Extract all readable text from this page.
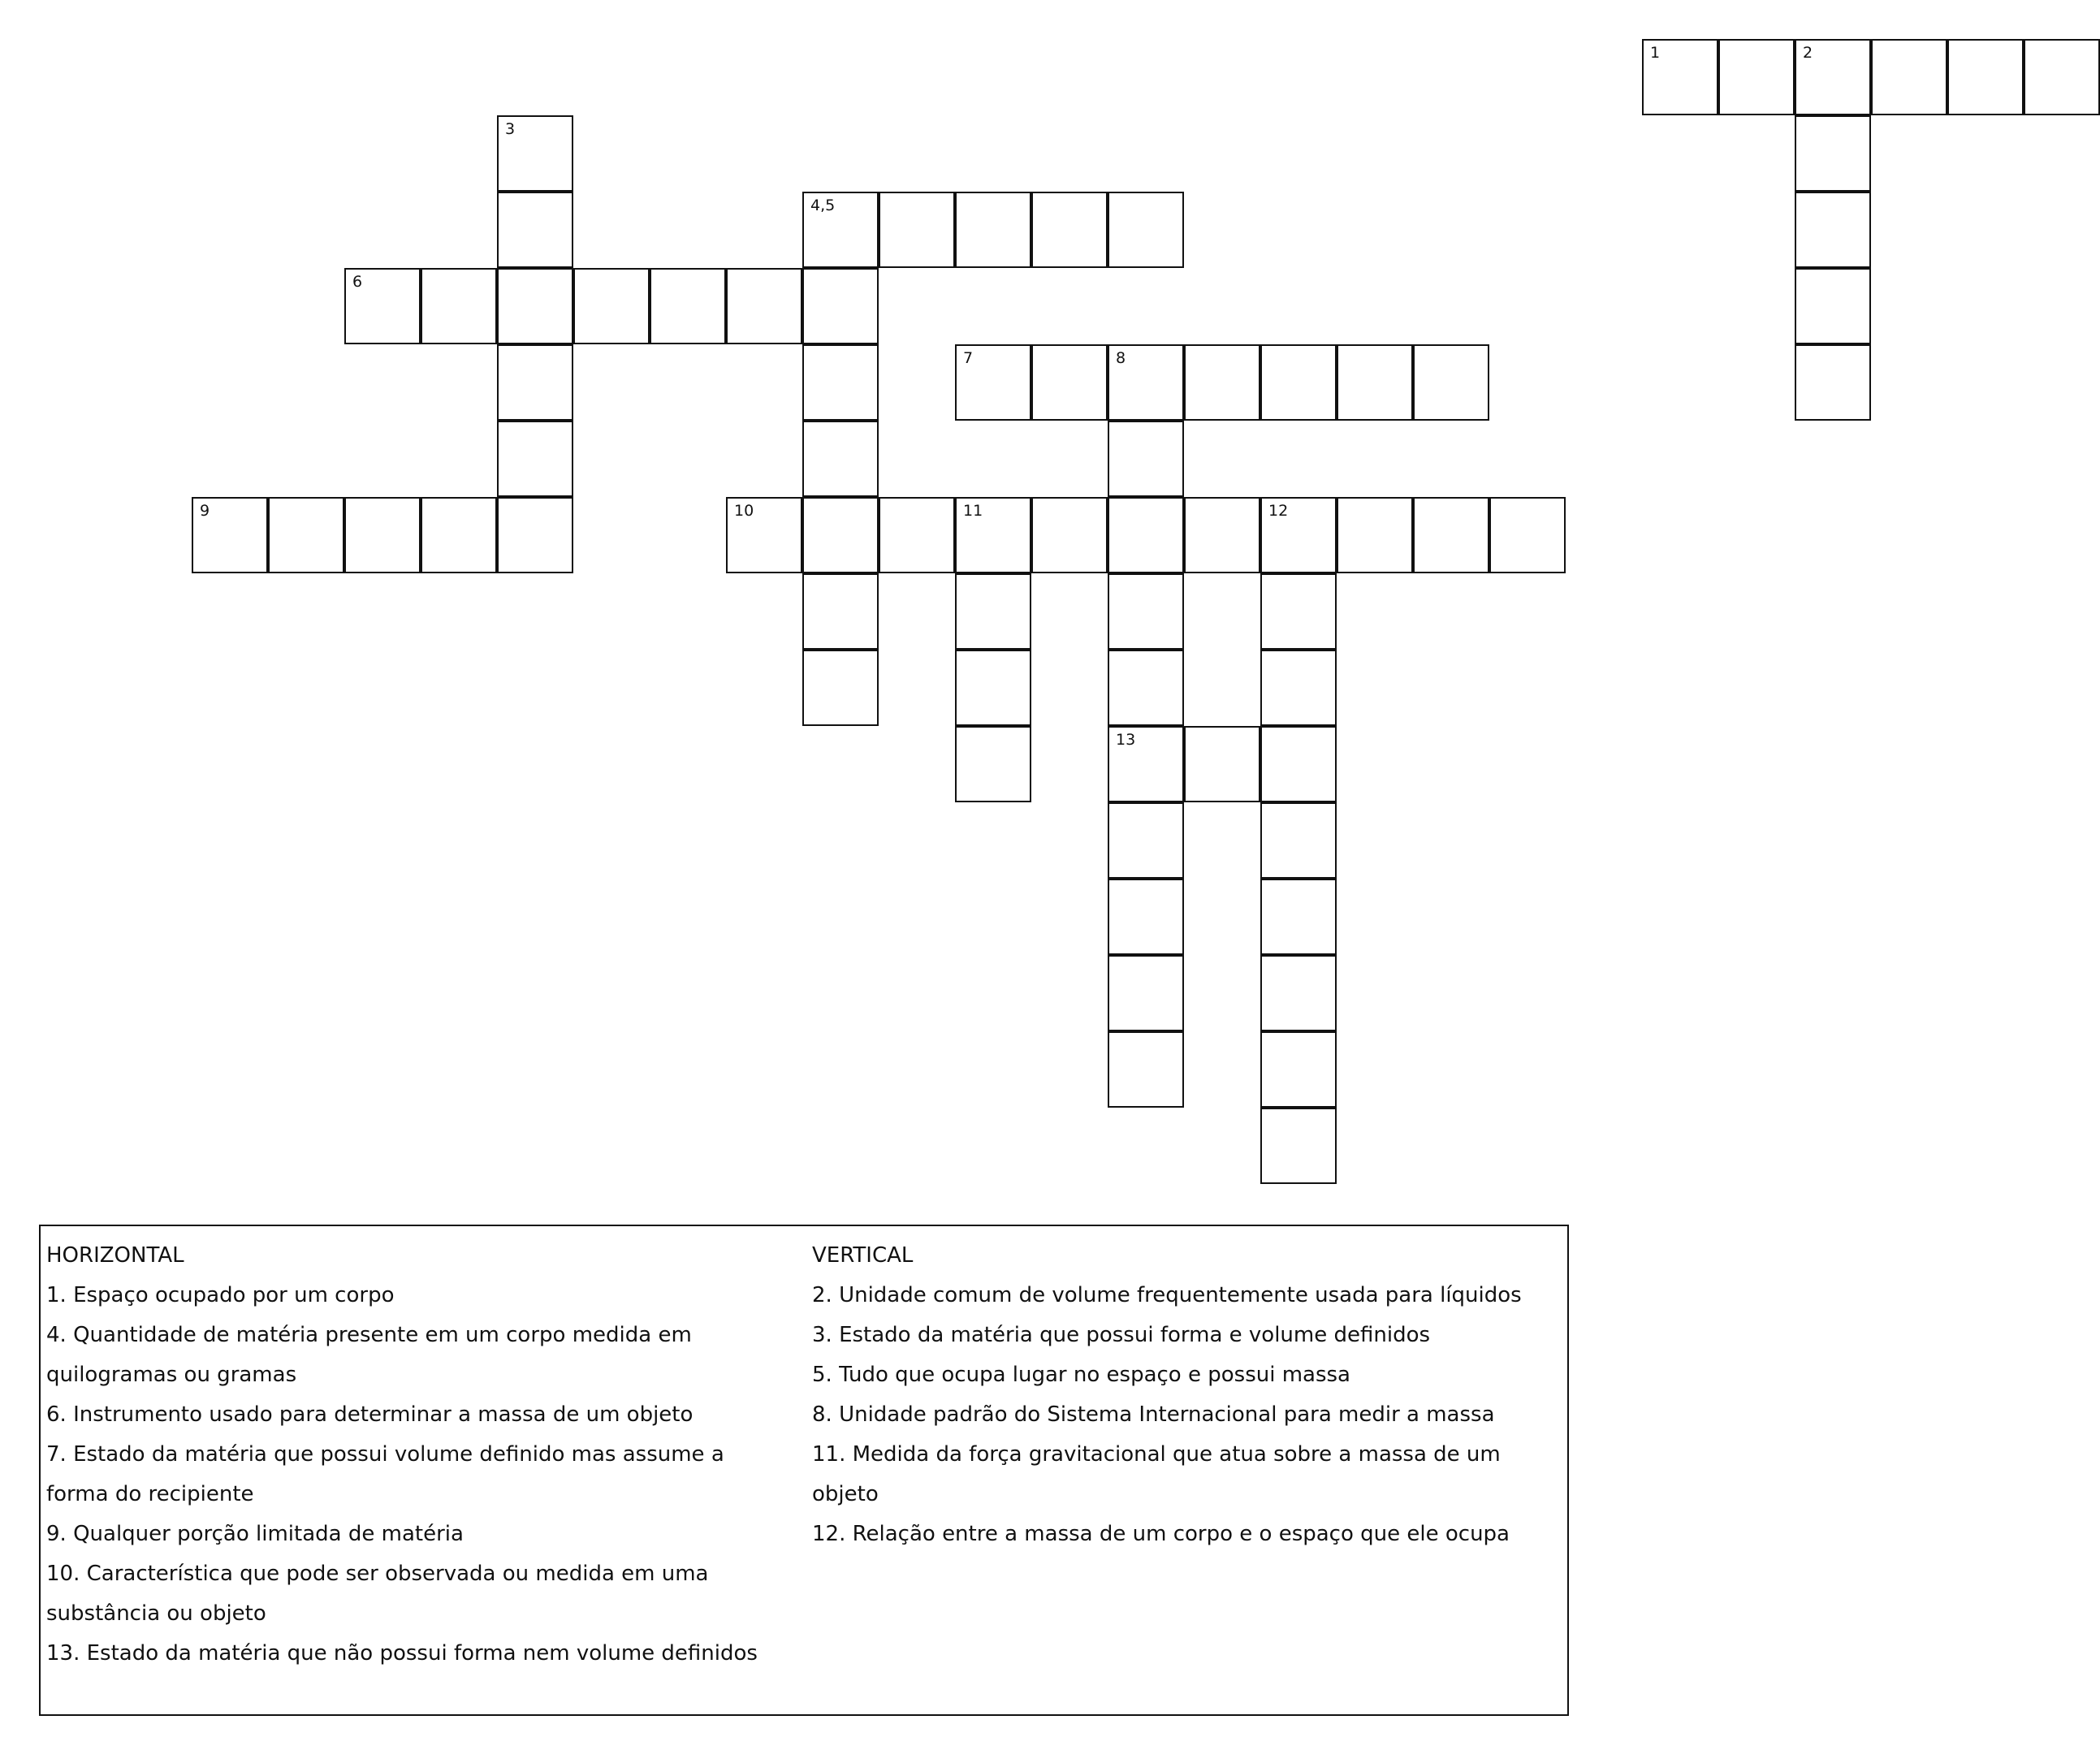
1	2
3
4,5
6
7	8
13
9	10	11	12
HORIZONTAL
1. Espaço ocupado por um corpo
4. Quantidade de matéria presente em um corpo medida em quilogramas ou gramas
6. Instrumento usado para determinar a massa de um objeto
7. Estado da matéria que possui volume definido mas assume a forma do recipiente
9. Qualquer porção limitada de matéria
10. Característica que pode ser observada ou medida em uma substância ou objeto
13. Estado da matéria que não possui forma nem volume definidos
VERTICAL
2. Unidade comum de volume frequentemente usada para líquidos
3. Estado da matéria que possui forma e volume definidos
5. Tudo que ocupa lugar no espaço e possui massa
8. Unidade padrão do Sistema Internacional para medir a massa
11. Medida da força gravitacional que atua sobre a massa de um objeto
12. Relação entre a massa de um corpo e o espaço que ele ocupa
